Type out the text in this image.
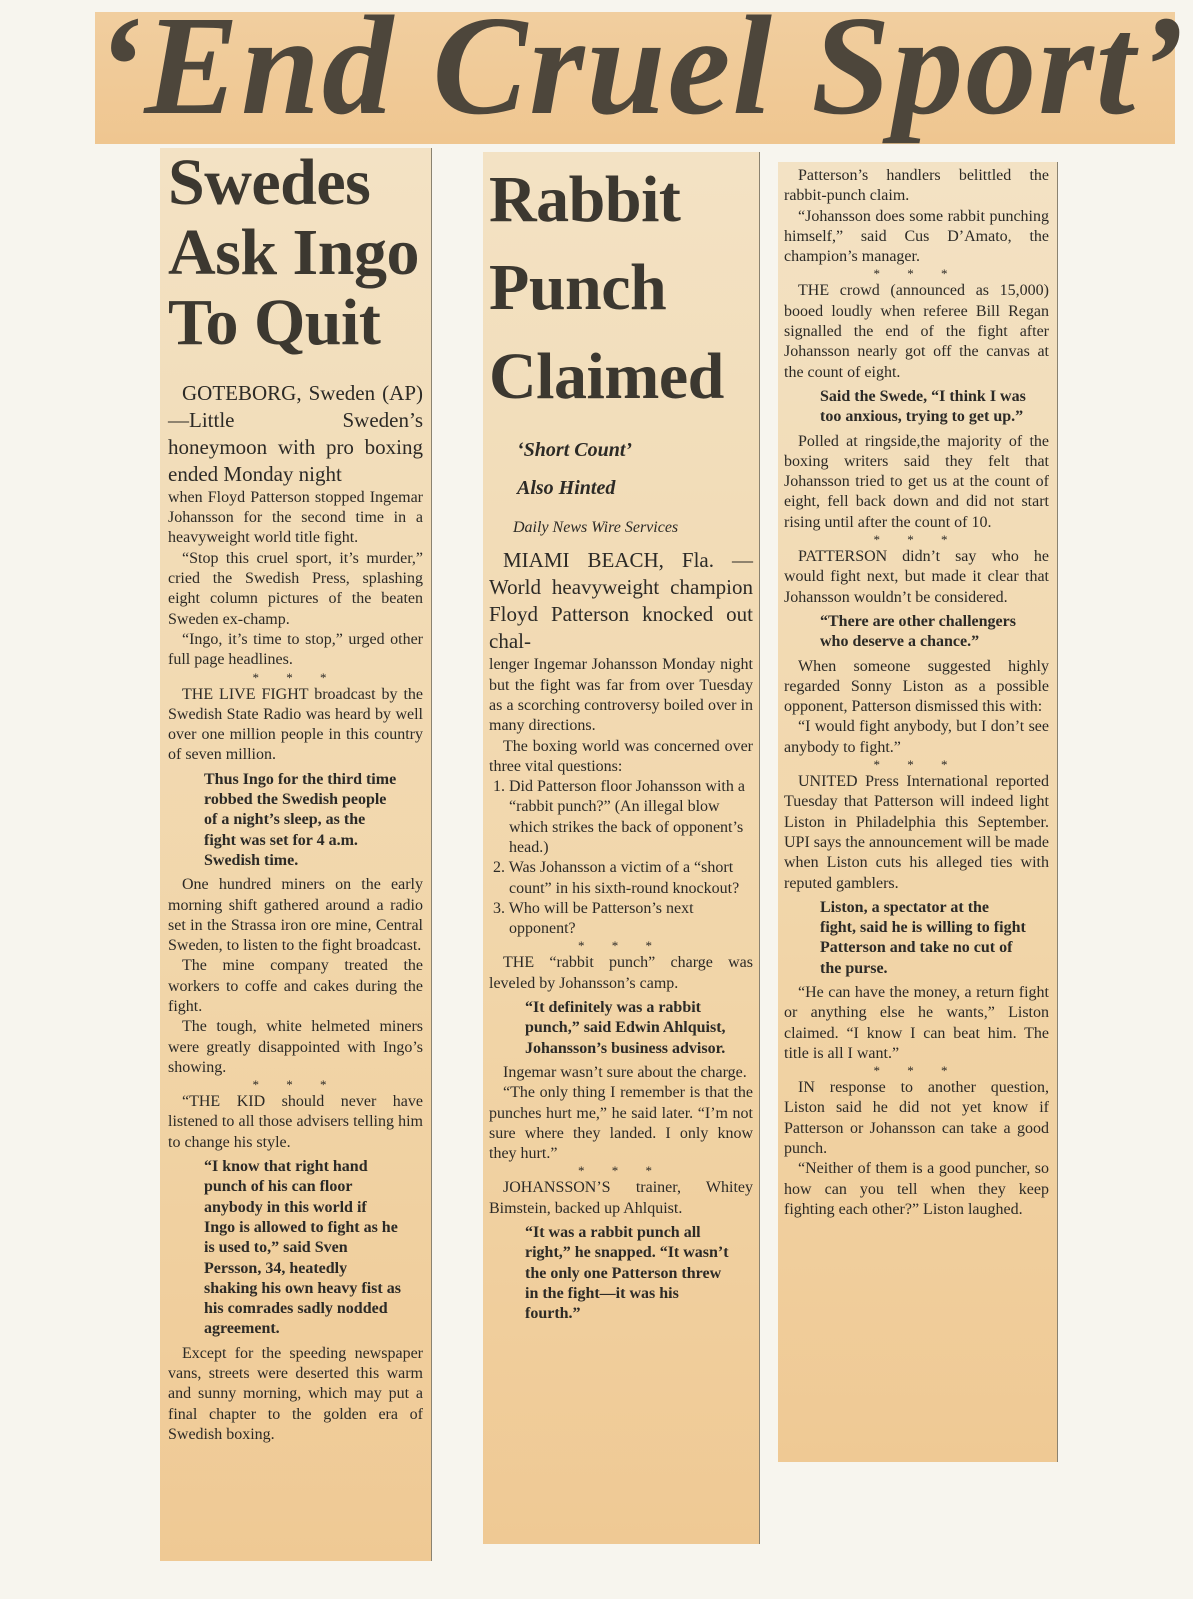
‘End Cruel Sport’
Swedes
Ask Ingo
To Quit

GOTEBORG, Sweden (AP)—Little Sweden’s honeymoon with pro boxing ended Monday night

when Floyd Patterson stopped Ingemar Johansson for the second time in a heavyweight world title fight.

“Stop this cruel sport, it’s murder,” cried the Swedish Press, splashing eight column pictures of the beaten Sweden ex-champ.

“Ingo, it’s time to stop,” urged other full page headlines.

* * *

THE LIVE FIGHT broadcast by the Swedish State Radio was heard by well over one million people in this country of seven million.

Thus Ingo for the third time robbed the Swedish people of a night’s sleep, as the fight was set for 4 a.m. Swedish time.

One hundred miners on the early morning shift gathered around a radio set in the Strassa iron ore mine, Central Sweden, to listen to the fight broadcast.

The mine company treated the workers to coffe and cakes during the fight.

The tough, white helmeted miners were greatly disappointed with Ingo’s showing.

* * *

“THE KID should never have listened to all those advisers telling him to change his style.

“I know that right hand punch of his can floor anybody in this world if Ingo is allowed to fight as he is used to,” said Sven Persson, 34, heatedly shaking his own heavy fist as his comrades sadly nodded agreement.

Except for the speeding newspaper vans, streets were deserted this warm and sunny morning, which may put a final chapter to the golden era of Swedish boxing.

Rabbit
Punch
Claimed

‘Short Count’

Also Hinted

Daily News Wire Services

MIAMI BEACH, Fla. —World heavyweight champion Floyd Patterson knocked out chal-

lenger Ingemar Johansson Monday night but the fight was far from over Tuesday as a scorching controversy boiled over in many directions.

The boxing world was concerned over three vital questions:

1. Did Patterson floor Johansson with a “rabbit punch?” (An illegal blow which strikes the back of opponent’s head.)

2. Was Johansson a victim of a “short count” in his sixth-round knockout?

3. Who will be Patterson’s next opponent?

* * *

THE “rabbit punch” charge was leveled by Johansson’s camp.

“It definitely was a rabbit punch,” said Edwin Ahlquist, Johansson’s business advisor.

Ingemar wasn’t sure about the charge.

“The only thing I remember is that the punches hurt me,” he said later. “I’m not sure where they landed. I only know they hurt.”

* * *

JOHANSSON’S trainer, Whitey Bimstein, backed up Ahlquist.

“It was a rabbit punch all right,” he snapped. “It wasn’t the only one Patterson threw in the fight—it was his fourth.”

Patterson’s handlers belittled the rabbit-punch claim.

“Johansson does some rabbit punching himself,” said Cus D’Amato, the champion’s manager.

* * *

THE crowd (announced as 15,000) booed loudly when referee Bill Regan signalled the end of the fight after Johansson nearly got off the canvas at the count of eight.

Said the Swede, “I think I was too anxious, trying to get up.”

Polled at ringside,the majority of the boxing writers said they felt that Johansson tried to get us at the count of eight, fell back down and did not start rising until after the count of 10.

* * *

PATTERSON didn’t say who he would fight next, but made it clear that Johansson wouldn’t be considered.

“There are other challengers who deserve a chance.”

When someone suggested highly regarded Sonny Liston as a possible opponent, Patterson dismissed this with:

“I would fight anybody, but I don’t see anybody to fight.”

* * *

UNITED Press International reported Tuesday that Patterson will indeed light Liston in Philadelphia this September. UPI says the announcement will be made when Liston cuts his alleged ties with reputed gamblers.

Liston, a spectator at the fight, said he is willing to fight Patterson and take no cut of the purse.

“He can have the money, a return fight or anything else he wants,” Liston claimed. “I know I can beat him. The title is all I want.”

* * *

IN response to another question, Liston said he did not yet know if Patterson or Johansson can take a good punch.

“Neither of them is a good puncher, so how can you tell when they keep fighting each other?” Liston laughed.
